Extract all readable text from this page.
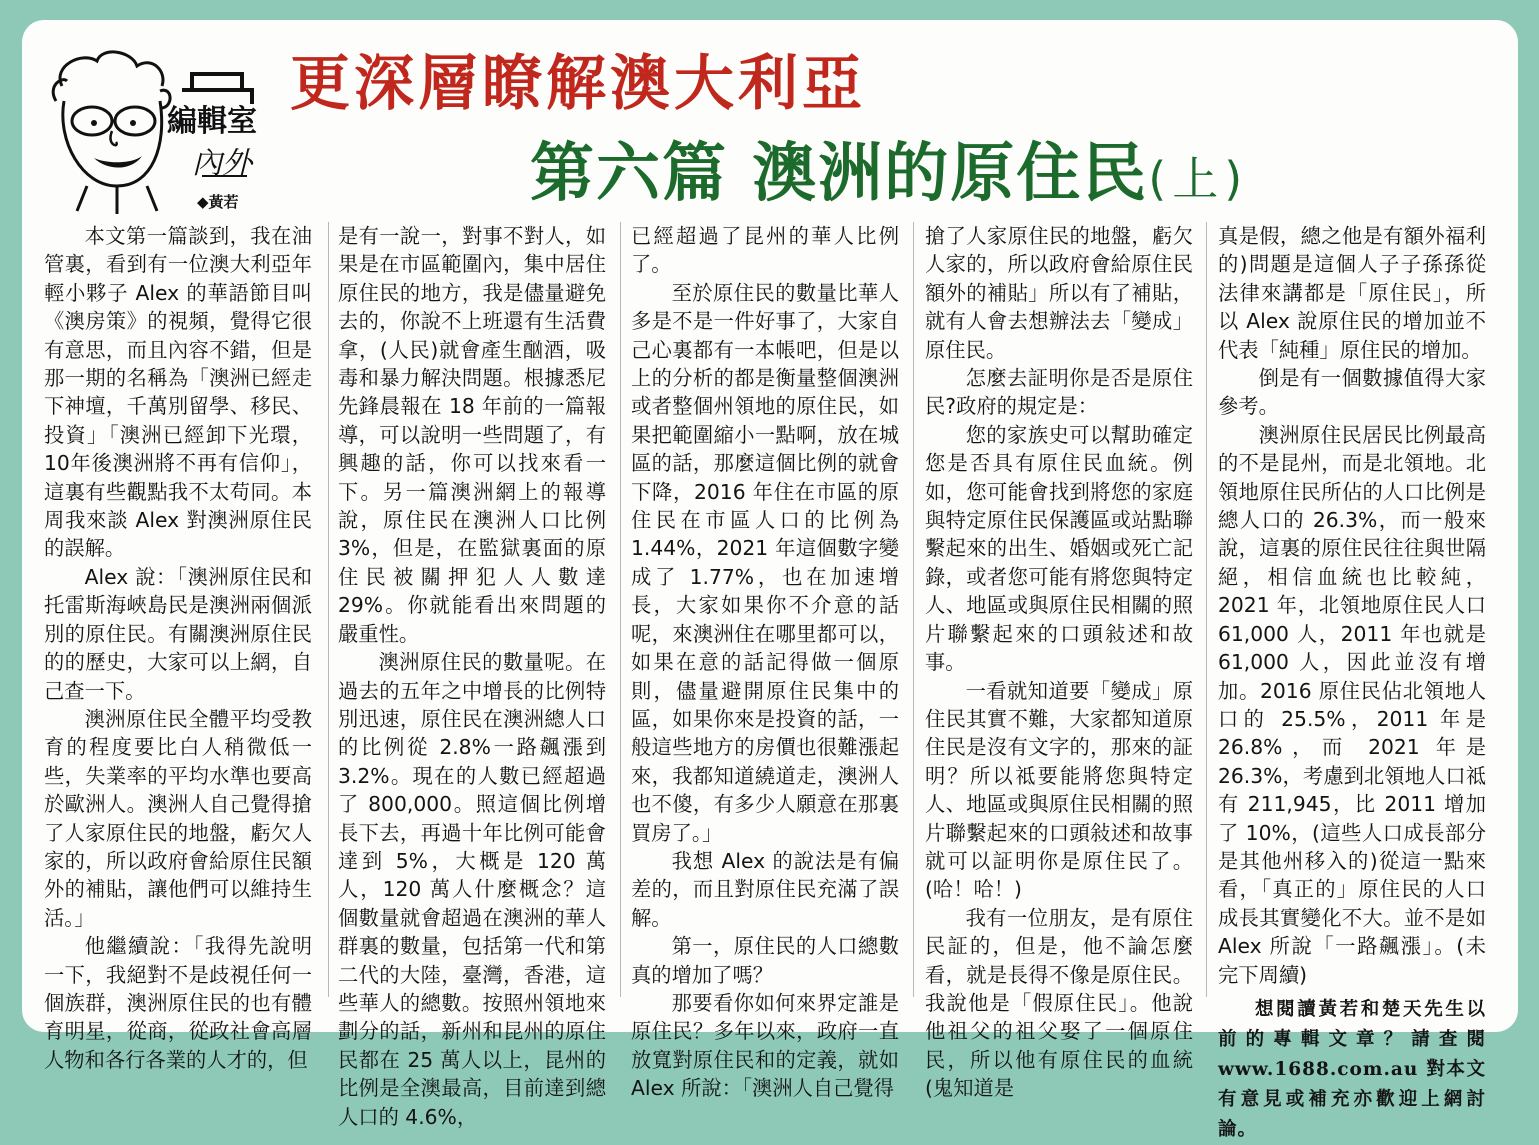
編輯室
內外
◆黃若
更深層瞭解澳大利亞
第六篇 澳洲的原住民(上)

本文第一篇談到，我在油管裏，看到有一位澳大利亞年輕小夥子 Alex 的華語節目叫《澳房策》的視頻，覺得它很有意思，而且內容不錯，但是那一期的名稱為「澳洲已經走下神壇，千萬別留學、移民、投資」「澳洲已經卸下光環，10年後澳洲將不再有信仰」，這裏有些觀點我不太苟同。本周我來談 Alex 對澳洲原住民的誤解。

Alex 說：「澳洲原住民和托雷斯海峽島民是澳洲兩個派別的原住民。有關澳洲原住民的的歷史，大家可以上網，自己查一下。

澳洲原住民全體平均受教育的程度要比白人稍微低一些，失業率的平均水準也要高於歐洲人。澳洲人自己覺得搶了人家原住民的地盤，虧欠人家的，所以政府會給原住民額外的補貼，讓他們可以維持生活。」

他繼續說：「我得先說明一下，我絕對不是歧視任何一個族群，澳洲原住民的也有體育明星，從商，從政社會高層人物和各行各業的人才的，但

是有一說一，對事不對人，如果是在市區範圍內，集中居住原住民的地方，我是儘量避免去的，你說不上班還有生活費拿，(人民)就會產生酗酒，吸毒和暴力解決問題。根據悉尼先鋒晨報在 18 年前的一篇報導，可以說明一些問題了，有興趣的話，你可以找來看一下。另一篇澳洲網上的報導說，原住民在澳洲人口比例 3%，但是，在監獄裏面的原住民被關押犯人人數達 29%。你就能看出來問題的嚴重性。

澳洲原住民的數量呢。在過去的五年之中增長的比例特別迅速，原住民在澳洲總人口的比例從 2.8%一路飆漲到 3.2%。現在的人數已經超過了 800,000。照這個比例增長下去，再過十年比例可能會達到 5%，大概是 120 萬人，120 萬人什麼概念？這個數量就會超過在澳洲的華人群裏的數量，包括第一代和第二代的大陸，臺灣，香港，這些華人的總數。按照州領地來劃分的話，新州和昆州的原住民都在 25 萬人以上，昆州的比例是全澳最高，目前達到總人口的 4.6%，

已經超過了昆州的華人比例了。

至於原住民的數量比華人多是不是一件好事了，大家自己心裏都有一本帳吧，但是以上的分析的都是衡量整個澳洲或者整個州領地的原住民，如果把範圍縮小一點啊，放在城區的話，那麼這個比例的就會下降，2016 年住在市區的原住民在市區人口的比例為 1.44%，2021 年這個數字變成了 1.77%，也在加速增長，大家如果你不介意的話呢，來澳洲住在哪里都可以，如果在意的話記得做一個原則，儘量避開原住民集中的區，如果你來是投資的話，一般這些地方的房價也很難漲起來，我都知道繞道走，澳洲人也不傻，有多少人願意在那裏買房了。」

我想 Alex 的說法是有偏差的，而且對原住民充滿了誤解。

第一，原住民的人口總數真的增加了嗎？

那要看你如何來界定誰是原住民？多年以來，政府一直放寬對原住民和的定義，就如 Alex 所說：「澳洲人自己覺得

搶了人家原住民的地盤，虧欠人家的，所以政府會給原住民額外的補貼」所以有了補貼，就有人會去想辦法去「變成」原住民。

怎麼去証明你是否是原住民?政府的規定是：

您的家族史可以幫助確定您是否具有原住民血統。例如，您可能會找到將您的家庭與特定原住民保護區或站點聯繫起來的出生、婚姻或死亡記錄，或者您可能有將您與特定人、地區或與原住民相關的照片聯繫起來的口頭敍述和故事。

一看就知道要「變成」原住民其實不難，大家都知道原住民是沒有文字的，那來的証明？所以祗要能將您與特定人、地區或與原住民相關的照片聯繫起來的口頭敍述和故事就可以証明你是原住民了。(哈！哈！)

我有一位朋友，是有原住民証的，但是，他不論怎麼看，就是長得不像是原住民。我說他是「假原住民」。他說他祖父的祖父娶了一個原住民，所以他有原住民的血統(鬼知道是

真是假，總之他是有額外福利的)問題是這個人子子孫孫從法律來講都是「原住民」，所以 Alex 說原住民的增加並不代表「純種」原住民的增加。

倒是有一個數據值得大家參考。

澳洲原住民居民比例最高的不是昆州，而是北領地。北領地原住民所佔的人口比例是總人口的 26.3%，而一般來說，這裏的原住民往往與世隔絕，相信血統也比較純，2021 年，北領地原住民人口 61,000 人，2011 年也就是 61,000 人，因此並沒有增加。2016 原住民佔北領地人口的 25.5%，2011 年是 26.8%，而 2021 年是 26.3%，考慮到北領地人口祗有 211,945，比 2011 增加了 10%，(這些人口成長部分是其他州移入的)從這一點來看，「真正的」原住民的人口成長其實變化不大。並不是如 Alex 所說「一路飆漲」。(未完下周續)

想閱讀黃若和楚天先生以前的專輯文章？請查閱 www.1688.com.au 對本文有意見或補充亦歡迎上網討論。
